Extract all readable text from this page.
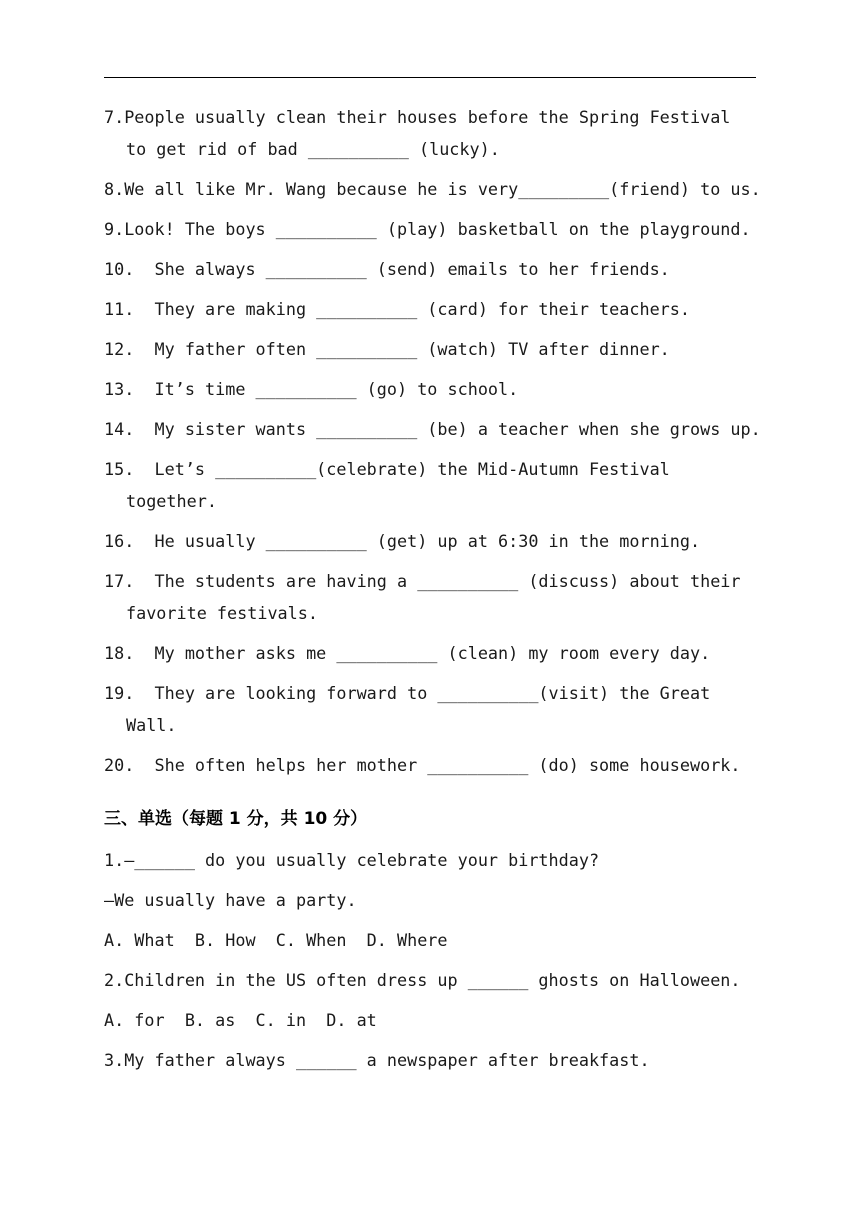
7.People usually clean their houses before the Spring Festival
to get rid of bad __________ (lucky).
8.We all like Mr. Wang because he is very_________(friend) to us.
9.Look! The boys __________ (play) basketball on the playground.
10.  She always __________ (send) emails to her friends.
11.  They are making __________ (card) for their teachers.
12.  My father often __________ (watch) TV after dinner.
13.  It’s time __________ (go) to school.
14.  My sister wants __________ (be) a teacher when she grows up.
15.  Let’s __________(celebrate) the Mid-Autumn Festival
together.
16.  He usually __________ (get) up at 6:30 in the morning.
17.  The students are having a __________ (discuss) about their
favorite festivals.
18.  My mother asks me __________ (clean) my room every day.
19.  They are looking forward to __________(visit) the Great
Wall.
20.  She often helps her mother __________ (do) some housework.
三、单选（每题 1 分，共 10 分）
1.—______ do you usually celebrate your birthday?
—We usually have a party.
A. What  B. How  C. When  D. Where
2.Children in the US often dress up ______ ghosts on Halloween.
A. for  B. as  C. in  D. at
3.My father always ______ a newspaper after breakfast.
